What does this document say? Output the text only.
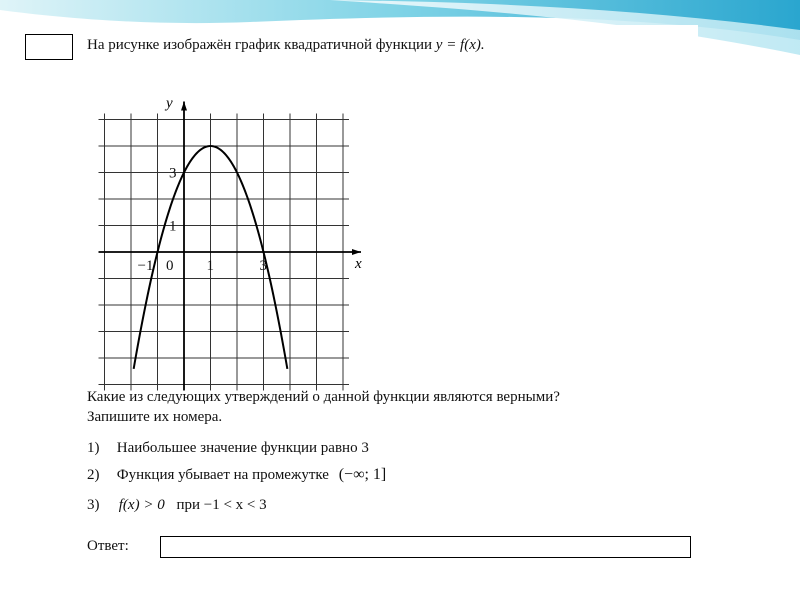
На рисунке изображён график квадратичной функции y = f(x).
x
y
−1 0 1	3
3
1
Какие из следующих утверждений о данной функции являются верными?
Запишите их номера.
1) Наибольшее значение функции равно 3
2) Функция убывает на промежутке (−∞; 1]
3) f(x) > 0 при −1 < x < 3
Ответ:
